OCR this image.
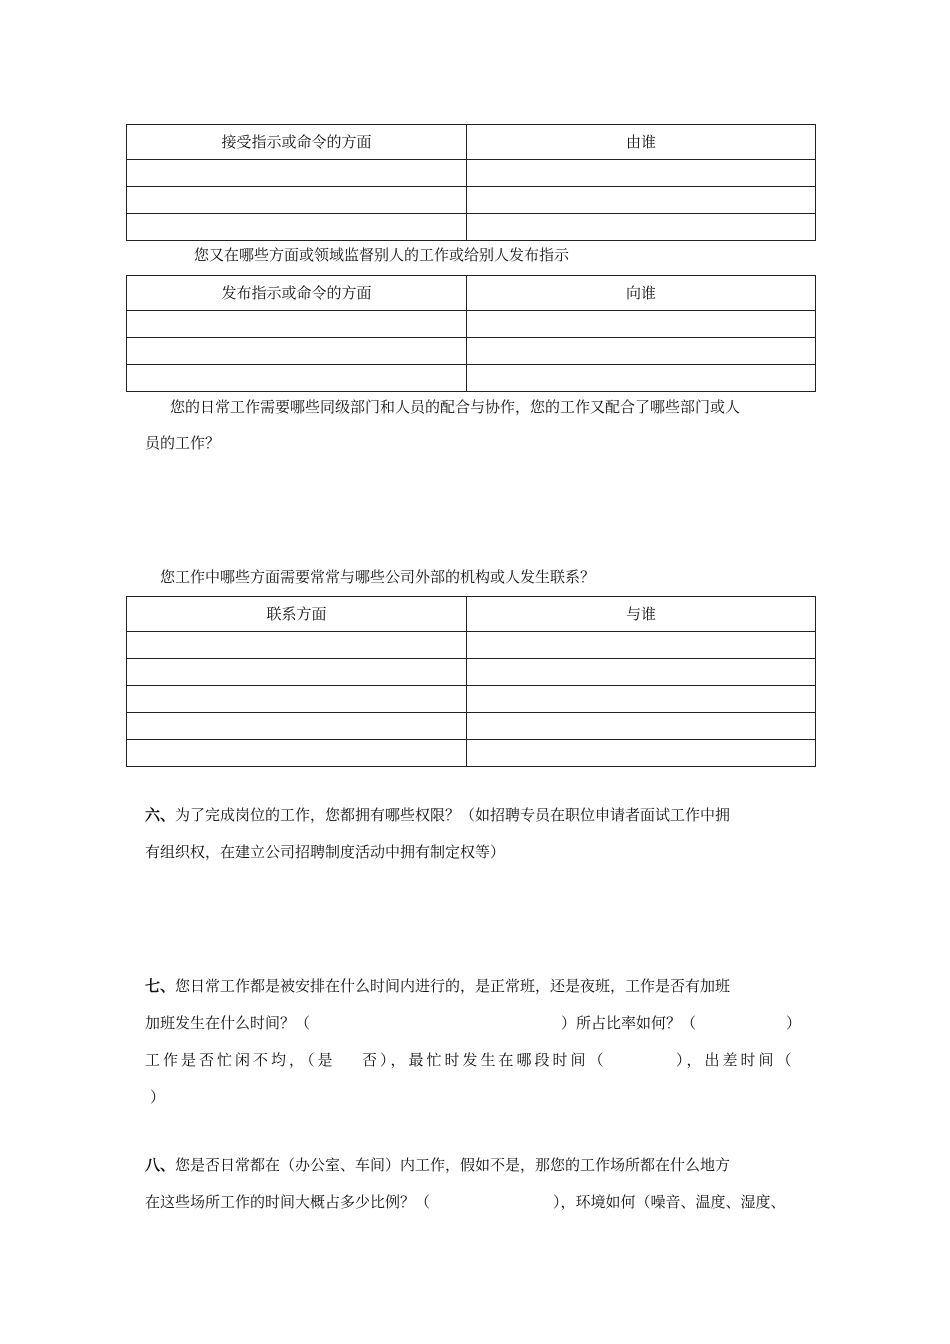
接受指示或命令的方面	由谁

您又在哪些方面或领域监督别人的工作或给别人发布指示
发布指示或命令的方面	向谁

您的日常工作需要哪些同级部门和人员的配合与协作，您的工作又配合了哪些部门或人
员的工作？
您工作中哪些方面需要常常与哪些公司外部的机构或人发生联系？
联系方面	与谁

六、为了完成岗位的工作，您都拥有哪些权限？（如招聘专员在职位申请者面试工作中拥
有组织权，在建立公司招聘制度活动中拥有制定权等）
七、您日常工作都是被安排在什么时间内进行的，是正常班，还是夜班，工作是否有加班
加班发生在什么时间？（	）所占比率如何？（	）
工作是否忙闲不均，（是 否），最忙时发生在哪段时间（	），出差时间（
）
八、您是否日常都在（办公室、车间）内工作，假如不是，那您的工作场所都在什么地方
在这些场所工作的时间大概占多少比例？（	），环境如何（噪音、温度、湿度、
